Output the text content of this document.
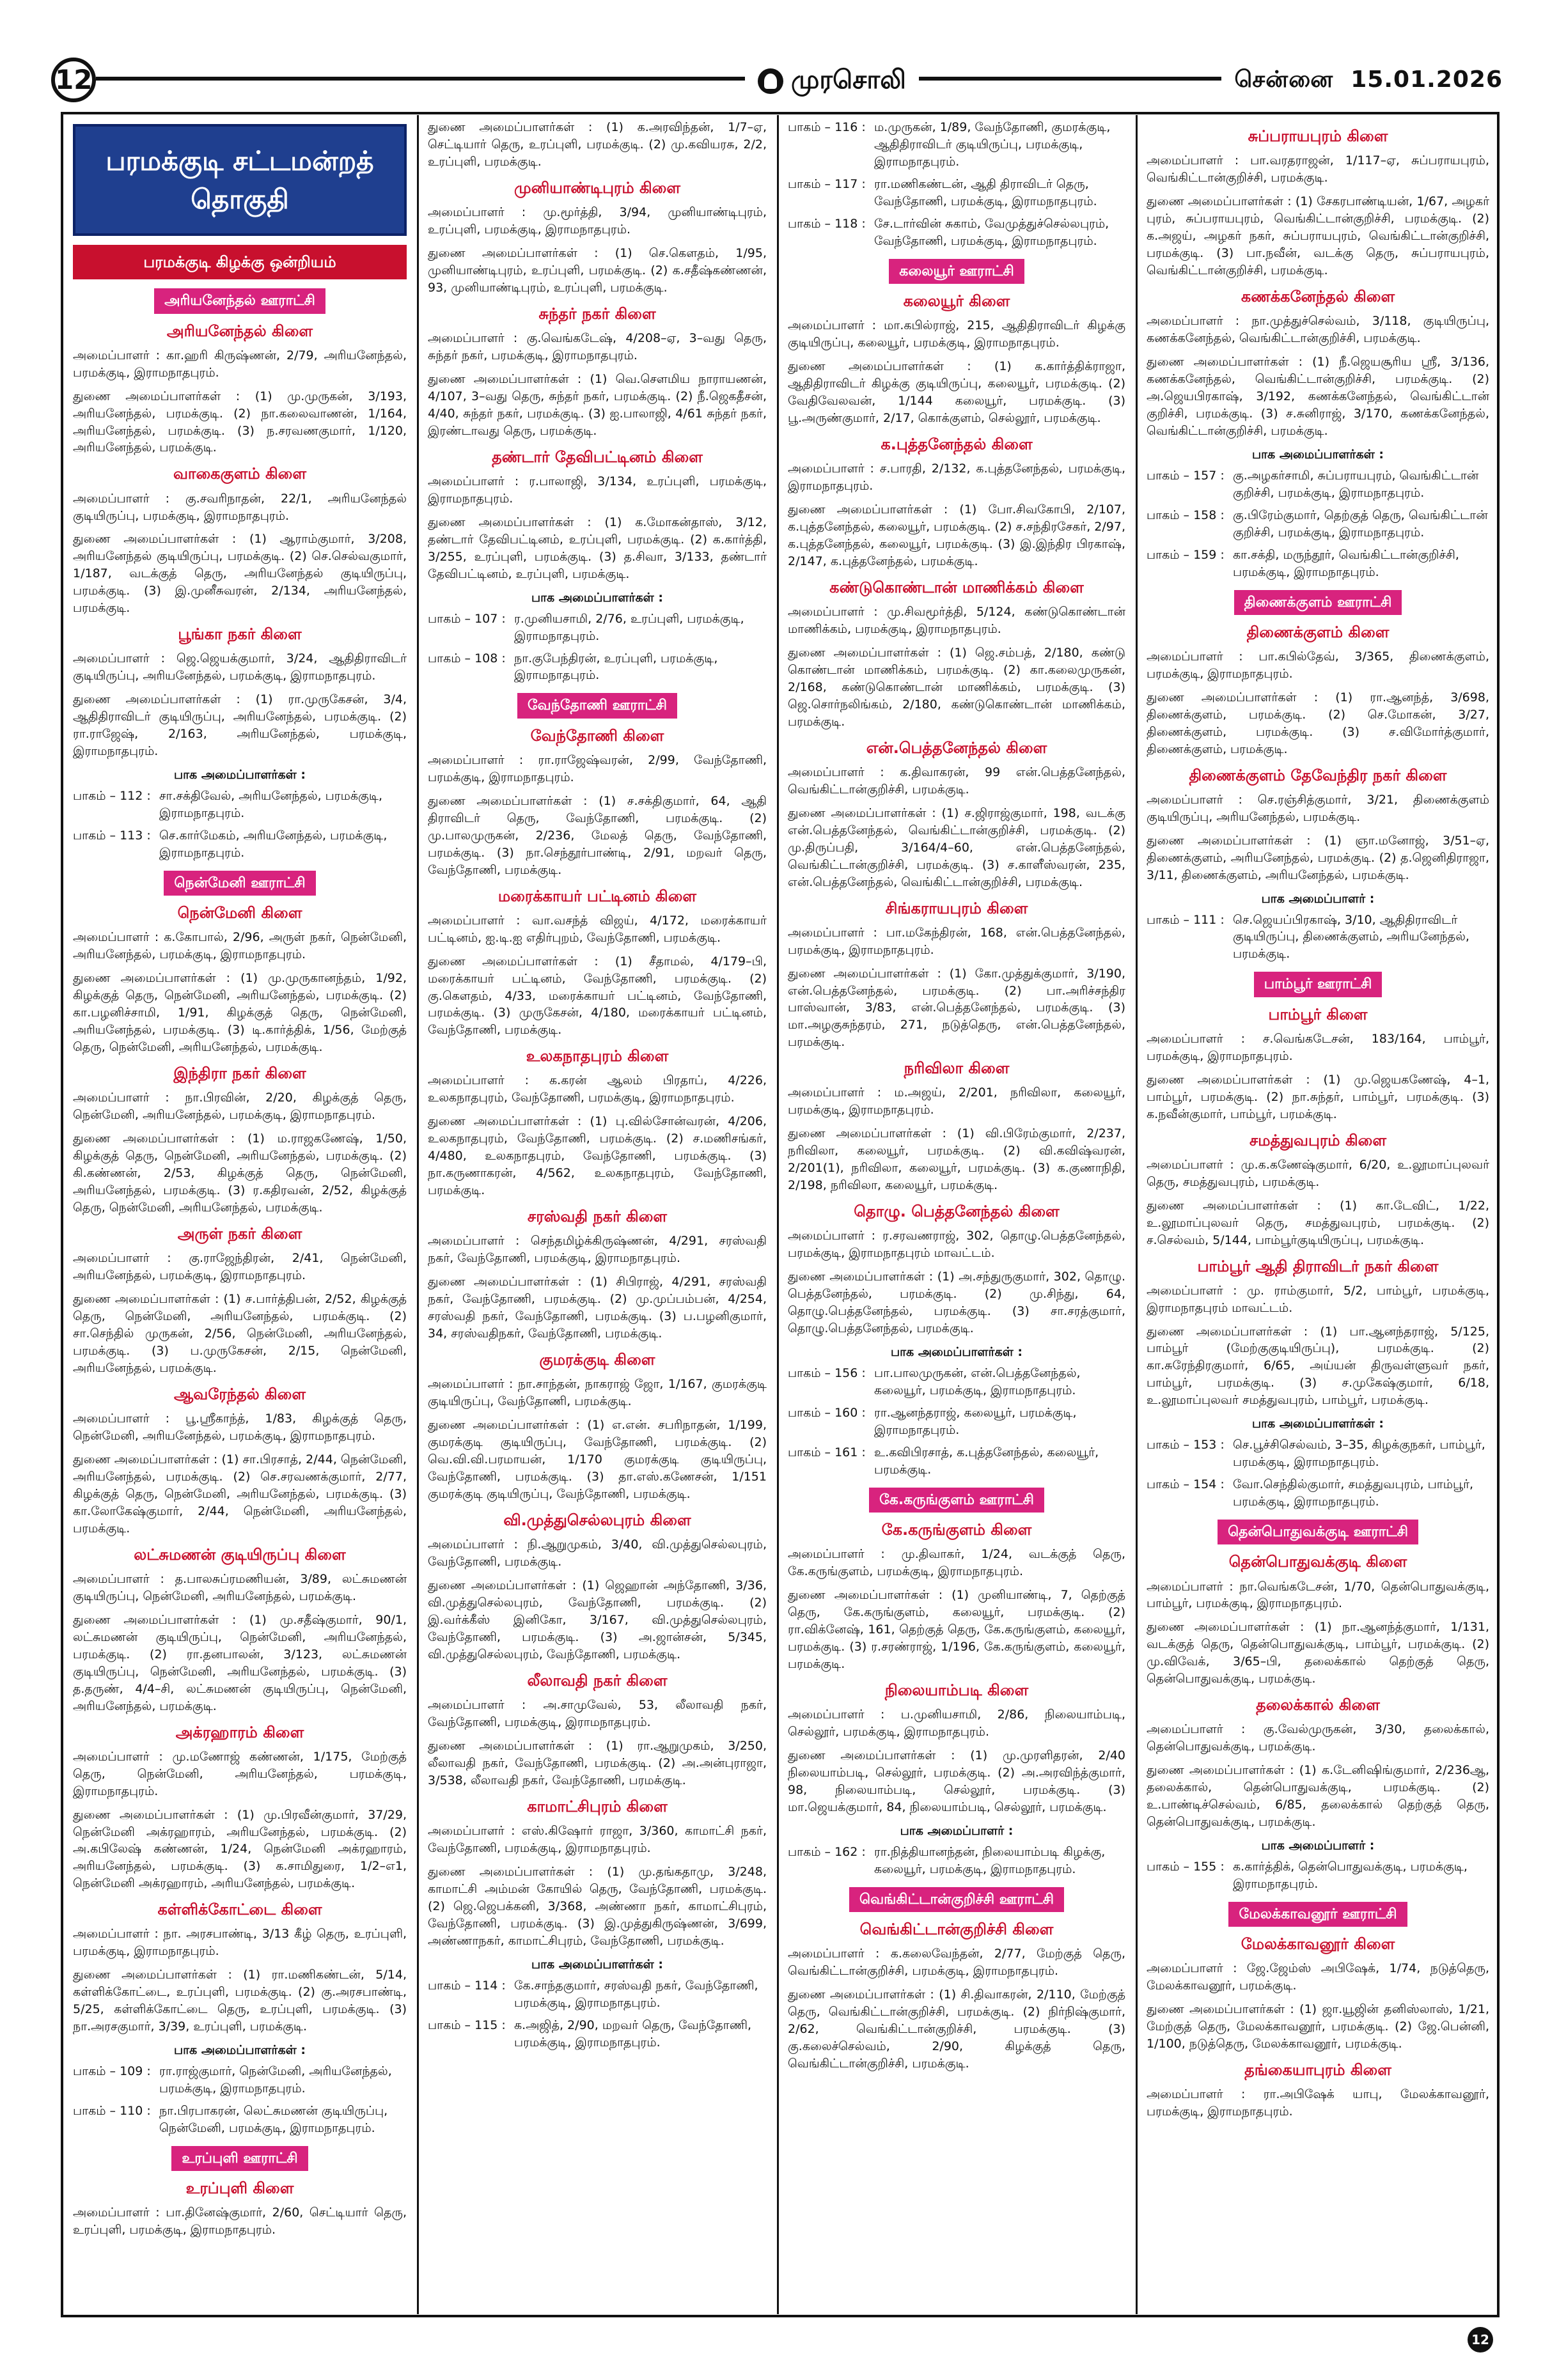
12	முரசொலி	சென்னை 15.01.2026
பரமக்குடி சட்டமன்றத் தொகுதி
பரமக்குடி கிழக்கு ஒன்றியம்
அரியனேந்தல் ஊராட்சி
அரியனேந்தல் கிளை

அமைப்பாளர் : கா.ஹரி கிருஷ்ணன், 2/79, அரியனேந்தல், பரமக்குடி, இராமநாதபுரம்.

துணை அமைப்பாளர்கள் : (1) மு.முருகன், 3/193, அரியனேந்தல், பரமக்குடி. (2) நா.கலைவாணன், 1/164, அரியனேந்தல், பரமக்குடி. (3) ந.சரவணகுமார், 1/120, அரியனேந்தல், பரமக்குடி.

வாகைகுளம் கிளை

அமைப்பாளர் : கு.சவரிநாதன், 22/1, அரியனேந்தல் குடியிருப்பு, பரமக்குடி, இராமநாதபுரம்.

துணை அமைப்பாளர்கள் : (1) ஆராம்குமார், 3/208, அரியனேந்தல் குடியிருப்பு, பரமக்குடி. (2) செ.செல்வகுமார், 1/187, வடக்குத் தெரு, அரியனேந்தல் குடியிருப்பு, பரமக்குடி. (3) இ.முனீசுவரன், 2/134, அரியனேந்தல், பரமக்குடி.

பூங்கா நகர் கிளை

அமைப்பாளர் : ஜெ.ஜெயக்குமார், 3/24, ஆதிதிராவிடர் குடியிருப்பு, அரியனேந்தல், பரமக்குடி, இராமநாதபுரம்.

துணை அமைப்பாளர்கள் : (1) ரா.முருகேசன், 3/4, ஆதிதிராவிடர் குடியிருப்பு, அரியனேந்தல், பரமக்குடி. (2) ரா.ராஜேஷ், 2/163, அரியனேந்தல், பரமக்குடி, இராமநாதபுரம்.

பாக அமைப்பாளர்கள் :
பாகம் – 112 : சா.சக்திவேல், அரியனேந்தல், பரமக்குடி, இராமநாதபுரம்.
பாகம் – 113 : செ.கார்மேகம், அரியனேந்தல், பரமக்குடி, இராமநாதபுரம்.
நென்மேனி ஊராட்சி
நென்மேனி கிளை

அமைப்பாளர் : க.கோபால், 2/96, அருள் நகர், நென்மேனி, அரியனேந்தல், பரமக்குடி, இராமநாதபுரம்.

துணை அமைப்பாளர்கள் : (1) மு.முருகானந்தம், 1/92, கிழக்குத் தெரு, நென்மேனி, அரியனேந்தல், பரமக்குடி. (2) கா.பழனிச்சாமி, 1/91, கிழக்குத் தெரு, நென்மேனி, அரியனேந்தல், பரமக்குடி. (3) டி.கார்த்திக், 1/56, மேற்குத் தெரு, நென்மேனி, அரியனேந்தல், பரமக்குடி.

இந்திரா நகர் கிளை

அமைப்பாளர் : நா.பிரவின், 2/20, கிழக்குத் தெரு, நென்மேனி, அரியனேந்தல், பரமக்குடி, இராமநாதபுரம்.

துணை அமைப்பாளர்கள் : (1) ம.ராஜகணேஷ், 1/50, கிழக்குத் தெரு, நென்மேனி, அரியனேந்தல், பரமக்குடி. (2) கி.கண்ணன், 2/53, கிழக்குத் தெரு, நென்மேனி, அரியனேந்தல், பரமக்குடி. (3) ர.கதிரவன், 2/52, கிழக்குத் தெரு, நென்மேனி, அரியனேந்தல், பரமக்குடி.

அருள் நகர் கிளை

அமைப்பாளர் : கு.ராஜேந்திரன், 2/41, நென்மேனி, அரியனேந்தல், பரமக்குடி, இராமநாதபுரம்.

துணை அமைப்பாளர்கள் : (1) ச.பார்த்திபன், 2/52, கிழக்குத் தெரு, நென்மேனி, அரியனேந்தல், பரமக்குடி. (2) சா.செந்தில் முருகன், 2/56, நென்மேனி, அரியனேந்தல், பரமக்குடி. (3) ப.முருகேசன், 2/15, நென்மேனி, அரியனேந்தல், பரமக்குடி.

ஆவரேந்தல் கிளை

அமைப்பாளர் : பூ.ஸ்ரீகாந்த், 1/83, கிழக்குத் தெரு, நென்மேனி, அரியனேந்தல், பரமக்குடி, இராமநாதபுரம்.

துணை அமைப்பாளர்கள் : (1) சா.பிரசாத், 2/44, நென்மேனி, அரியனேந்தல், பரமக்குடி. (2) செ.சரவணக்குமார், 2/77, கிழக்குத் தெரு, நென்மேனி, அரியனேந்தல், பரமக்குடி. (3) கா.லோகேஷ்குமார், 2/44, நென்மேனி, அரியனேந்தல், பரமக்குடி.

லட்சுமணன் குடியிருப்பு கிளை

அமைப்பாளர் : த.பாலசுப்ரமணியன், 3/89, லட்சுமணன் குடியிருப்பு, நென்மேனி, அரியனேந்தல், பரமக்குடி.

துணை அமைப்பாளர்கள் : (1) மு.சதீஷ்குமார், 90/1, லட்சுமணன் குடியிருப்பு, நென்மேனி, அரியனேந்தல், பரமக்குடி. (2) ரா.தனபாலன், 3/123, லட்சுமணன் குடியிருப்பு, நென்மேனி, அரியனேந்தல், பரமக்குடி. (3) த.தருண், 4/4–சி, லட்சுமணன் குடியிருப்பு, நென்மேனி, அரியனேந்தல், பரமக்குடி.

அக்ரஹாரம் கிளை

அமைப்பாளர் : மு.மணோஜ் கண்ணன், 1/175, மேற்குத் தெரு, நென்மேனி, அரியனேந்தல், பரமக்குடி, இராமநாதபுரம்.

துணை அமைப்பாளர்கள் : (1) மு.பிரவீன்குமார், 37/29, நென்மேனி அக்ரஹாரம், அரியனேந்தல், பரமக்குடி. (2) அ.கபிலேஷ் கண்ணன், 1/24, நென்மேனி அக்ரஹாரம், அரியனேந்தல், பரமக்குடி. (3) க.சாமிதுரை, 1/2–எ1, நென்மேனி அக்ரஹாரம், அரியனேந்தல், பரமக்குடி.

கள்ளிக்கோட்டை கிளை

அமைப்பாளர் : நா. அரசபாண்டி, 3/13 கீழ் தெரு, உரப்புளி, பரமக்குடி, இராமநாதபுரம்.

துணை அமைப்பாளர்கள் : (1) ரா.மணிகண்டன், 5/14, கள்ளிக்கோட்டை, உரப்புளி, பரமக்குடி. (2) கு.அரசபாண்டி, 5/25, கள்ளிக்கோட்டை தெரு, உரப்புளி, பரமக்குடி. (3) நா.அரசகுமார், 3/39, உரப்புளி, பரமக்குடி.

பாக அமைப்பாளர்கள் :
பாகம் – 109 : ரா.ராஜ்குமார், நென்மேனி, அரியனேந்தல், பரமக்குடி, இராமநாதபுரம்.
பாகம் – 110 : நா.பிரபாகரன், லெட்சுமணன் குடியிருப்பு, நென்மேனி, பரமக்குடி, இராமநாதபுரம்.
உரப்புளி ஊராட்சி
உரப்புளி கிளை

அமைப்பாளர் : பா.தினேஷ்குமார், 2/60, செட்டியார் தெரு, உரப்புளி, பரமக்குடி, இராமநாதபுரம்.

துணை அமைப்பாளர்கள் : (1) க.அரவிந்தன், 1/7–ஏ, செட்டியார் தெரு, உரப்புளி, பரமக்குடி. (2) மு.கவியரசு, 2/2, உரப்புளி, பரமக்குடி.

முனியாண்டிபுரம் கிளை

அமைப்பாளர் : மு.மூர்த்தி, 3/94, முனியாண்டிபுரம், உரப்புளி, பரமக்குடி, இராமநாதபுரம்.

துணை அமைப்பாளர்கள் : (1) செ.கௌதம், 1/95, முனியாண்டிபுரம், உரப்புளி, பரமக்குடி. (2) க.சதீஷ்கண்ணன், 93, முனியாண்டிபுரம், உரப்புளி, பரமக்குடி.

சுந்தர் நகர் கிளை

அமைப்பாளர் : கு.வெங்கடேஷ், 4/208–ஏ, 3–வது தெரு, சுந்தர் நகர், பரமக்குடி, இராமநாதபுரம்.

துணை அமைப்பாளர்கள் : (1) வெ.சௌமிய நாராயணன், 4/107, 3–வது தெரு, சுந்தர் நகர், பரமக்குடி. (2) நீ.ஜெகதீசன், 4/40, சுந்தர் நகர், பரமக்குடி. (3) ஐ.பாலாஜி, 4/61 சுந்தர் நகர், இரண்டாவது தெரு, பரமக்குடி.

தண்டார் தேவிபட்டினம் கிளை

அமைப்பாளர் : ர.பாலாஜி, 3/134, உரப்புளி, பரமக்குடி, இராமநாதபுரம்.

துணை அமைப்பாளர்கள் : (1) க.மோகன்தாஸ், 3/12, தண்டார் தேவிபட்டினம், உரப்புளி, பரமக்குடி. (2) க.கார்த்தி, 3/255, உரப்புளி, பரமக்குடி. (3) த.சிவா, 3/133, தண்டார் தேவிபட்டினம், உரப்புளி, பரமக்குடி.

பாக அமைப்பாளர்கள் :
பாகம் – 107 : ர.முனியசாமி, 2/76, உரப்புளி, பரமக்குடி, இராமநாதபுரம்.
பாகம் – 108 : நா.குபேந்திரன், உரப்புளி, பரமக்குடி, இராமநாதபுரம்.
வேந்தோணி ஊராட்சி
வேந்தோணி கிளை

அமைப்பாளர் : ரா.ராஜேஷ்வரன், 2/99, வேந்தோணி, பரமக்குடி, இராமநாதபுரம்.

துணை அமைப்பாளர்கள் : (1) ச.சக்திகுமார், 64, ஆதி திராவிடர் தெரு, வேந்தோணி, பரமக்குடி. (2) மு.பாலமுருகன், 2/236, மேலத் தெரு, வேந்தோணி, பரமக்குடி. (3) நா.செந்தூர்பாண்டி, 2/91, மறவர் தெரு, வேந்தோணி, பரமக்குடி.

மரைக்காயர் பட்டினம் கிளை

அமைப்பாளர் : வா.வசந்த் விஜய், 4/172, மரைக்காயர் பட்டினம், ஐ.டி.ஐ எதிர்புறம், வேந்தோணி, பரமக்குடி.

துணை அமைப்பாளர்கள் : (1) சீதாமல், 4/179–பி, மரைக்காயர் பட்டினம், வேந்தோணி, பரமக்குடி. (2) கு.கௌதம், 4/33, மரைக்காயர் பட்டினம், வேந்தோணி, பரமக்குடி. (3) முருகேசன், 4/180, மரைக்காயர் பட்டினம், வேந்தோணி, பரமக்குடி.

உலகநாதபுரம் கிளை

அமைப்பாளர் : க.கரன் ஆலம் பிரதாப், 4/226, உலகநாதபுரம், வேந்தோணி, பரமக்குடி, இராமநாதபுரம்.

துணை அமைப்பாளர்கள் : (1) பு.வில்சோன்வரன், 4/206, உலகநாதபுரம், வேந்தோணி, பரமக்குடி. (2) ச.மணிசங்கர், 4/480, உலகநாதபுரம், வேந்தோணி, பரமக்குடி. (3) நா.கருணாகரன், 4/562, உலகநாதபுரம், வேந்தோணி, பரமக்குடி.

சரஸ்வதி நகர் கிளை

அமைப்பாளர் : செந்தமிழ்க்கிருஷ்ணன், 4/291, சரஸ்வதி நகர், வேந்தோணி, பரமக்குடி, இராமநாதபுரம்.

துணை அமைப்பாளர்கள் : (1) சிபிராஜ், 4/291, சரஸ்வதி நகர், வேந்தோணி, பரமக்குடி. (2) மு.முப்பம்பன், 4/254, சரஸ்வதி நகர், வேந்தோணி, பரமக்குடி. (3) ப.பழனிகுமார், 34, சரஸ்வதிநகர், வேந்தோணி, பரமக்குடி.

குமரக்குடி கிளை

அமைப்பாளர் : நா.சாந்தன், நாகராஜ் ஜோ, 1/167, குமரக்குடி குடியிருப்பு, வேந்தோணி, பரமக்குடி.

துணை அமைப்பாளர்கள் : (1) எ.என். சபரிநாதன், 1/199, குமரக்குடி குடியிருப்பு, வேந்தோணி, பரமக்குடி. (2) வெ.வி.வி.பரமாயன், 1/170 குமரக்குடி குடியிருப்பு, வேந்தோணி, பரமக்குடி. (3) தா.எஸ்.கணேசன், 1/151 குமரக்குடி குடியிருப்பு, வேந்தோணி, பரமக்குடி.

வி.முத்துசெல்லபுரம் கிளை

அமைப்பாளர் : நி.ஆறுமுகம், 3/40, வி.முத்துசெல்லபுரம், வேந்தோணி, பரமக்குடி.

துணை அமைப்பாளர்கள் : (1) ஜெஹான் அந்தோணி, 3/36, வி.முத்துசெல்லபுரம், வேந்தோணி, பரமக்குடி. (2) இ.வர்க்கீஸ் இனிகோ, 3/167, வி.முத்துசெல்லபுரம், வேந்தோணி, பரமக்குடி. (3) அ.ஜான்சன், 5/345, வி.முத்துசெல்லபுரம், வேந்தோணி, பரமக்குடி.

லீலாவதி நகர் கிளை

அமைப்பாளர் : அ.சாமுவேல், 53, லீலாவதி நகர், வேந்தோணி, பரமக்குடி, இராமநாதபுரம்.

துணை அமைப்பாளர்கள் : (1) ரா.ஆறுமுகம், 3/250, லீலாவதி நகர், வேந்தோணி, பரமக்குடி. (2) அ.அன்புராஜா, 3/538, லீலாவதி நகர், வேந்தோணி, பரமக்குடி.

காமாட்சிபுரம் கிளை

அமைப்பாளர் : எஸ்.கிஷோர் ராஜா, 3/360, காமாட்சி நகர், வேந்தோணி, பரமக்குடி, இராமநாதபுரம்.

துணை அமைப்பாளர்கள் : (1) மு.தங்கதாமு, 3/248, காமாட்சி அம்மன் கோயில் தெரு, வேந்தோணி, பரமக்குடி. (2) ஜெ.ஜெபக்கனி, 3/368, அண்ணா நகர், காமாட்சிபுரம், வேந்தோணி, பரமக்குடி. (3) இ.முத்துகிருஷ்ணன், 3/699, அண்ணாநகர், காமாட்சிபுரம், வேந்தோணி, பரமக்குடி.

பாக அமைப்பாளர்கள் :
பாகம் – 114 : கே.சாந்தகுமார், சரஸ்வதி நகர், வேந்தோணி, பரமக்குடி, இராமநாதபுரம்.
பாகம் – 115 : க.அஜித், 2/90, மறவர் தெரு, வேந்தோணி, பரமக்குடி, இராமநாதபுரம்.
பாகம் – 116 : ம.முருகன், 1/89, வேந்தோணி, குமரக்குடி, ஆதிதிராவிடர் குடியிருப்பு, பரமக்குடி, இராமநாதபுரம்.
பாகம் – 117 : ரா.மணிகண்டன், ஆதி திராவிடர் தெரு, வேந்தோணி, பரமக்குடி, இராமநாதபுரம்.
பாகம் – 118 : சே.டார்வின் சுகாம், வேமுத்துச்செல்லபுரம், வேந்தோணி, பரமக்குடி, இராமநாதபுரம்.
கலையூர் ஊராட்சி
கலையூர் கிளை

அமைப்பாளர் : மா.கபில்ராஜ், 215, ஆதிதிராவிடர் கிழக்கு குடியிருப்பு, கலையூர், பரமக்குடி, இராமநாதபுரம்.

துணை அமைப்பாளர்கள் : (1) க.கார்த்திக்ராஜா, ஆதிதிராவிடர் கிழக்கு குடியிருப்பு, கலையூர், பரமக்குடி. (2) வேதிவேலவன், 1/144 கலையூர், பரமக்குடி. (3) பூ.அருண்குமார், 2/17, கொக்குளம், செல்லூர், பரமக்குடி.

க.புத்தனேந்தல் கிளை

அமைப்பாளர் : ச.பாரதி, 2/132, க.புத்தனேந்தல், பரமக்குடி, இராமநாதபுரம்.

துணை அமைப்பாளர்கள் : (1) போ.சிவகோபி, 2/107, க.புத்தனேந்தல், கலையூர், பரமக்குடி. (2) ச.சந்திரசேகர், 2/97, க.புத்தனேந்தல், கலையூர், பரமக்குடி. (3) இ.இந்திர பிரகாஷ், 2/147, க.புத்தனேந்தல், பரமக்குடி.

கண்டுகொண்டான் மாணிக்கம் கிளை

அமைப்பாளர் : மு.சிவமூர்த்தி, 5/124, கண்டுகொண்டான் மாணிக்கம், பரமக்குடி, இராமநாதபுரம்.

துணை அமைப்பாளர்கள் : (1) ஜெ.சம்பத், 2/180, கண்டு கொண்டான் மாணிக்கம், பரமக்குடி. (2) கா.கலைமுருகன், 2/168, கண்டுகொண்டான் மாணிக்கம், பரமக்குடி. (3) ஜெ.சொர்நலிங்கம், 2/180, கண்டுகொண்டான் மாணிக்கம், பரமக்குடி.

என்.பெத்தனேந்தல் கிளை

அமைப்பாளர் : க.திவாகரன், 99 என்.பெத்தனேந்தல், வெங்கிட்டான்குறிச்சி, பரமக்குடி.

துணை அமைப்பாளர்கள் : (1) ச.ஜிராஜ்குமார், 198, வடக்கு என்.பெத்தனேந்தல், வெங்கிட்டான்குறிச்சி, பரமக்குடி. (2) மு.திருப்பதி, 3/164/4–60, என்.பெத்தனேந்தல், வெங்கிட்டான்குறிச்சி, பரமக்குடி. (3) ச.காளீஸ்வரன், 235, என்.பெத்தனேந்தல், வெங்கிட்டான்குறிச்சி, பரமக்குடி.

சிங்கராயபுரம் கிளை

அமைப்பாளர் : பா.மகேந்திரன், 168, என்.பெத்தனேந்தல், பரமக்குடி, இராமநாதபுரம்.

துணை அமைப்பாளர்கள் : (1) கோ.முத்துக்குமார், 3/190, என்.பெத்தனேந்தல், பரமக்குடி. (2) பா.அரிச்சந்திர பாஸ்வான், 3/83, என்.பெத்தனேந்தல், பரமக்குடி. (3) மா.அழகுசுந்தரம், 271, நடுத்தெரு, என்.பெத்தனேந்தல், பரமக்குடி.

நரிவிலா கிளை

அமைப்பாளர் : ம.அஜய், 2/201, நரிவிலா, கலையூர், பரமக்குடி, இராமநாதபுரம்.

துணை அமைப்பாளர்கள் : (1) வி.பிரேம்குமார், 2/237, நரிவிலா, கலையூர், பரமக்குடி. (2) வி.கவிஷ்வரன், 2/201(1), நரிவிலா, கலையூர், பரமக்குடி. (3) க.குணாநிதி, 2/198, நரிவிலா, கலையூர், பரமக்குடி.

தொழு. பெத்தனேந்தல் கிளை

அமைப்பாளர் : ர.சரவணராஜ், 302, தொழு.பெத்தனேந்தல், பரமக்குடி, இராமநாதபுரம் மாவட்டம்.

துணை அமைப்பாளர்கள் : (1) அ.சந்துருகுமார், 302, தொழு. பெத்தனேந்தல், பரமக்குடி. (2) மு.சிந்து, 64, தொழு.பெத்தனேந்தல், பரமக்குடி. (3) சா.சரத்குமார், தொழு.பெத்தனேந்தல், பரமக்குடி.

பாக அமைப்பாளர்கள் :
பாகம் – 156 : பா.பாலமுருகன், என்.பெத்தனேந்தல், கலையூர், பரமக்குடி, இராமநாதபுரம்.
பாகம் – 160 : ரா.ஆனந்தராஜ், கலையூர், பரமக்குடி, இராமநாதபுரம்.
பாகம் – 161 : உ.கவிபிரசாத், க.புத்தனேந்தல், கலையூர், பரமக்குடி.
கே.கருங்குளம் ஊராட்சி
கே.கருங்குளம் கிளை

அமைப்பாளர் : மு.திவாகர், 1/24, வடக்குத் தெரு, கே.கருங்குளம், பரமக்குடி, இராமநாதபுரம்.

துணை அமைப்பாளர்கள் : (1) முனியாண்டி, 7, தெற்குத் தெரு, கே.கருங்குளம், கலையூர், பரமக்குடி. (2) ரா.விக்னேஷ், 161, தெற்குத் தெரு, கே.கருங்குளம், கலையூர், பரமக்குடி. (3) ர.சரண்ராஜ், 1/196, கே.கருங்குளம், கலையூர், பரமக்குடி.

நிலையாம்படி கிளை

அமைப்பாளர் : ப.முனியசாமி, 2/86, நிலையாம்படி, செல்லூர், பரமக்குடி, இராமநாதபுரம்.

துணை அமைப்பாளர்கள் : (1) மு.முரளிதரன், 2/40 நிலையாம்படி, செல்லூர், பரமக்குடி. (2) அ.அரவிந்த்குமார், 98, நிலையாம்படி, செல்லூர், பரமக்குடி. (3) மா.ஜெயக்குமார், 84, நிலையாம்படி, செல்லூர், பரமக்குடி.

பாக அமைப்பாளர் :
பாகம் – 162 : ரா.நித்தியானந்தன், நிலையாம்படி கிழக்கு, கலையூர், பரமக்குடி, இராமநாதபுரம்.
வெங்கிட்டான்குறிச்சி ஊராட்சி
வெங்கிட்டான்குறிச்சி கிளை

அமைப்பாளர் : க.கலைவேந்தன், 2/77, மேற்குத் தெரு, வெங்கிட்டான்குறிச்சி, பரமக்குடி, இராமநாதபுரம்.

துணை அமைப்பாளர்கள் : (1) சி.திவாகரன், 2/110, மேற்குத் தெரு, வெங்கிட்டான்குறிச்சி, பரமக்குடி. (2) நிர்நிஷ்குமார், 2/62, வெங்கிட்டான்குறிச்சி, பரமக்குடி. (3) கு.கலைச்செல்வம், 2/90, கிழக்குத் தெரு, வெங்கிட்டான்குறிச்சி, பரமக்குடி.

சுப்பராயபுரம் கிளை

அமைப்பாளர் : பா.வரதராஜன், 1/117–ஏ, சுப்பராயபுரம், வெங்கிட்டான்குறிச்சி, பரமக்குடி.

துணை அமைப்பாளர்கள் : (1) சேகரபாண்டியன், 1/67, அழகர் புரம், சுப்பராயபுரம், வெங்கிட்டான்குறிச்சி, பரமக்குடி. (2) க.அஜய், அழகர் நகர், சுப்பராயபுரம், வெங்கிட்டான்குறிச்சி, பரமக்குடி. (3) பா.நவீன், வடக்கு தெரு, சுப்பராயபுரம், வெங்கிட்டான்குறிச்சி, பரமக்குடி.

கணக்கனேந்தல் கிளை

அமைப்பாளர் : நா.முத்துச்செல்வம், 3/118, குடியிருப்பு, கணக்கனேந்தல், வெங்கிட்டான்குறிச்சி, பரமக்குடி.

துணை அமைப்பாளர்கள் : (1) நீ.ஜெயசூரிய ஸ்ரீ, 3/136, கணக்கனேந்தல், வெங்கிட்டான்குறிச்சி, பரமக்குடி. (2) அ.ஜெயபிரகாஷ், 3/192, கணக்கனேந்தல், வெங்கிட்டான் குறிச்சி, பரமக்குடி. (3) ச.சுனிராஜ், 3/170, கணக்கனேந்தல், வெங்கிட்டான்குறிச்சி, பரமக்குடி.

பாக அமைப்பாளர்கள் :
பாகம் – 157 : கு.அழகர்சாமி, சுப்பராயபுரம், வெங்கிட்டான் குறிச்சி, பரமக்குடி, இராமநாதபுரம்.
பாகம் – 158 : கு.பிரேம்குமார், தெற்குத் தெரு, வெங்கிட்டான் குறிச்சி, பரமக்குடி, இராமநாதபுரம்.
பாகம் – 159 : கா.சக்தி, மருந்தூர், வெங்கிட்டான்குறிச்சி, பரமக்குடி, இராமநாதபுரம்.
திணைக்குளம் ஊராட்சி
திணைக்குளம் கிளை

அமைப்பாளர் : பா.கபில்தேவ், 3/365, திணைக்குளம், பரமக்குடி, இராமநாதபுரம்.

துணை அமைப்பாளர்கள் : (1) ரா.ஆனந்த், 3/698, திணைக்குளம், பரமக்குடி. (2) செ.மோகன், 3/27, திணைக்குளம், பரமக்குடி. (3) ச.விமோர்த்குமார், திணைக்குளம், பரமக்குடி.

திணைக்குளம் தேவேந்திர நகர் கிளை

அமைப்பாளர் : செ.ரஞ்சித்குமார், 3/21, திணைக்குளம் குடியிருப்பு, அரியனேந்தல், பரமக்குடி.

துணை அமைப்பாளர்கள் : (1) ஞா.மனோஜ், 3/51–ஏ, திணைக்குளம், அரியனேந்தல், பரமக்குடி. (2) த.ஜெனிதிராஜா, 3/11, திணைக்குளம், அரியனேந்தல், பரமக்குடி.

பாக அமைப்பாளர் :
பாகம் – 111 : செ.ஜெயப்பிரகாஷ், 3/10, ஆதிதிராவிடர் குடியிருப்பு, திணைக்குளம், அரியனேந்தல், பரமக்குடி.
பாம்பூர் ஊராட்சி
பாம்பூர் கிளை

அமைப்பாளர் : ச.வெங்கடேசன், 183/164, பாம்பூர், பரமக்குடி, இராமநாதபுரம்.

துணை அமைப்பாளர்கள் : (1) மு.ஜெயகணேஷ், 4–1, பாம்பூர், பரமக்குடி. (2) நா.சுந்தர், பாம்பூர், பரமக்குடி. (3) க.நவீன்குமார், பாம்பூர், பரமக்குடி.

சமத்துவபுரம் கிளை

அமைப்பாளர் : மு.க.கணேஷ்குமார், 6/20, உ.லூமாப்புலவர் தெரு, சமத்துவபுரம், பரமக்குடி.

துணை அமைப்பாளர்கள் : (1) கா.டேவிட், 1/22, உ.லூமாப்புலவர் தெரு, சமத்துவபுரம், பரமக்குடி. (2) ச.செல்வம், 5/144, பாம்பூர்குடியிருப்பு, பரமக்குடி.

பாம்பூர் ஆதி திராவிடர் நகர் கிளை

அமைப்பாளர் : மு. ராம்குமார், 5/2, பாம்பூர், பரமக்குடி, இராமநாதபுரம் மாவட்டம்.

துணை அமைப்பாளர்கள் : (1) பா.ஆனந்தராஜ், 5/125, பாம்பூர் (மேற்குகுடியிருப்பு), பரமக்குடி. (2) கா.சுரேந்திரகுமார், 6/65, அய்யன் திருவள்ளுவர் நகர், பாம்பூர், பரமக்குடி. (3) ச.முகேஷ்குமார், 6/18, உ.லூமாப்புலவர் சமத்துவபுரம், பாம்பூர், பரமக்குடி.

பாக அமைப்பாளர்கள் :
பாகம் – 153 : செ.பூச்சிசெல்வம், 3–35, கிழக்குநகர், பாம்பூர், பரமக்குடி, இராமநாதபுரம்.
பாகம் – 154 : வோ.செந்தில்குமார், சமத்துவபுரம், பாம்பூர், பரமக்குடி, இராமநாதபுரம்.
தென்பொதுவக்குடி ஊராட்சி
தென்பொதுவக்குடி கிளை

அமைப்பாளர் : நா.வெங்கடேசன், 1/70, தென்பொதுவக்குடி, பாம்பூர், பரமக்குடி, இராமநாதபுரம்.

துணை அமைப்பாளர்கள் : (1) நா.ஆனந்த்குமார், 1/131, வடக்குத் தெரு, தென்பொதுவக்குடி, பாம்பூர், பரமக்குடி. (2) மு.விவேக், 3/65–பி, தலைக்கால் தெற்குத் தெரு, தென்பொதுவக்குடி, பரமக்குடி.

தலைக்கால் கிளை

அமைப்பாளர் : கு.வேல்முருகன், 3/30, தலைக்கால், தென்பொதுவக்குடி, பரமக்குடி.

துணை அமைப்பாளர்கள் : (1) க.டேனிஷிங்குமார், 2/236ஆ, தலைக்கால், தென்பொதுவக்குடி, பரமக்குடி. (2) உ.பாண்டிச்செல்வம், 6/85, தலைக்கால் தெற்குத் தெரு, தென்பொதுவக்குடி, பரமக்குடி.

பாக அமைப்பாளர் :
பாகம் – 155 : க.கார்த்திக், தென்பொதுவக்குடி, பரமக்குடி, இராமநாதபுரம்.
மேலக்காவனூர் ஊராட்சி
மேலக்காவனூர் கிளை

அமைப்பாளர் : ஜே.ஜேம்ஸ் அபிஷேக், 1/74, நடுத்தெரு, மேலக்காவனூர், பரமக்குடி.

துணை அமைப்பாளர்கள் : (1) ஜா.யூஜின் தனிஸ்லாஸ், 1/21, மேற்குத் தெரு, மேலக்காவனூர், பரமக்குடி. (2) ஜே.பென்னி, 1/100, நடுத்தெரு, மேலக்காவனூர், பரமக்குடி.

தங்கையாபுரம் கிளை

அமைப்பாளர் : ரா.அபிஷேக் யாபு, மேலக்காவனூர், பரமக்குடி, இராமநாதபுரம்.

12
